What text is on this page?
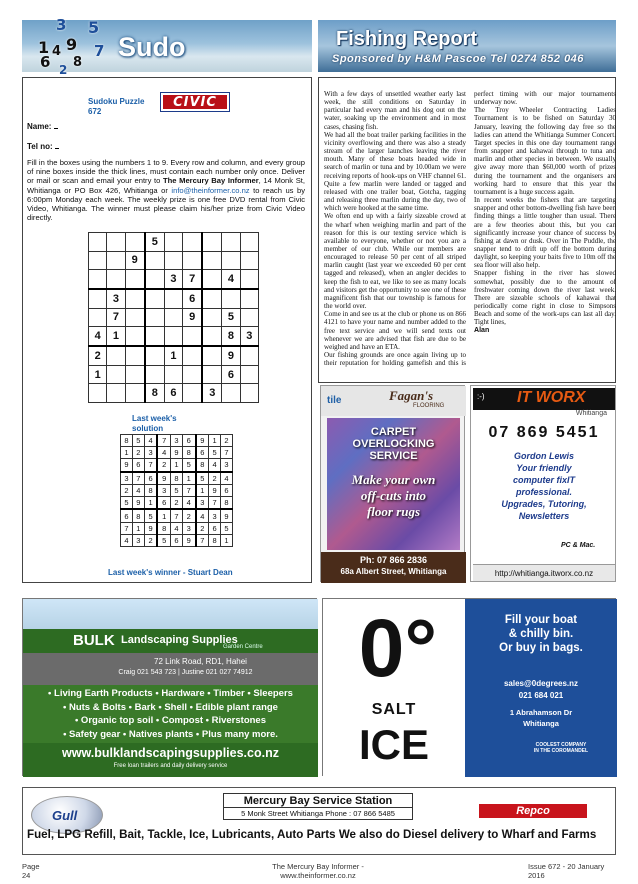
3
1 4 9
5
6
7
2 8
Sudo	Fishing Report
Sponsored by H&M Pascoe Tel 0274 852 046
Sudoku Puzzle 672
CIVIC
Name:
Tel no:
Fill in the boxes using the numbers 1 to 9. Every row and column, and every group of nine boxes inside the thick lines, must contain each number only once. Deliver or mail or scan and email your entry to The Mercury Bay Informer, 14 Monk St, Whitianga or PO Box 426, Whitianga or info@theinformer.co.nz to reach us by 6:00pm Monday each week. The weekly prize is one free DVD rental from Civic Video, Whitianga. The winner must please claim his/her prize from Civic Video directly.
			5					
		9						
				3	7		4	
	3				6			
	7				9		5	
4	1						8	3
2				1			9	
1							6	
			8	6		3		
Last week's solution
8	5	4	7	3	6	9	1	2
1	2	3	4	9	8	6	5	7
9	6	7	2	1	5	8	4	3
3	7	6	9	8	1	5	2	4
2	4	8	3	5	7	1	9	6
5	9	1	6	2	4	3	7	8
6	8	5	1	7	2	4	3	9
7	1	9	8	4	3	2	6	5
4	3	2	5	6	9	7	8	1
Last week's winner - Stuart Dean

With a few days of unsettled weather early last week, the still conditions on Saturday in particular had every man and his dog out on the water, soaking up the environment and in most cases, chasing fish.

We had all the boat trailer parking facilities in the vicinity overflowing and there was also a steady stream of the larger launches leaving the river mouth. Many of these boats headed wide in search of marlin or tuna and by 10.00am we were receiving reports of hook-ups on VHF channel 61. Quite a few marlin were landed or tagged and released with one trailer boat, Gotcha, tagging and releasing three marlin during the day, two of which were hooked at the same time.

We often end up with a fairly sizeable crowd at the wharf when weighing marlin and part of the reason for this is our texting service which is available to everyone, whether or not you are a member of our club. While our members are encouraged to release 50 per cent of all striped marlin caught (last year we exceeded 60 per cent tagged and released), when an angler decides to keep the fish to eat, we like to see as many locals and visitors get the opportunity to see one of these magnificent fish that our township is famous for the world over.

Come in and see us at the club or phone us on 866 4121 to have your name and number added to the free text service and we will send texts out whenever we are advised that fish are due to be weighed and have an ETA.

Our fishing grounds are once again living up to their reputation for holding gamefish and this is perfect timing with our major tournaments underway now.

The Troy Wheeler Contracting Ladies Tournament is to be fished on Saturday 30 January, leaving the following day free so the ladies can attend the Whitianga Summer Concert. Target species in this one day tournament range from snapper and kahawai through to tuna and marlin and other species in between. We usually give away more than $60,000 worth of prizes during the tournament and the organisers are working hard to ensure that this year the tournament is a huge success again.

In recent weeks the fishers that are targeting snapper and other bottom-dwelling fish have been finding things a little tougher than usual. There are a few theories about this, but you can significantly increase your chance of success by fishing at dawn or dusk. Over in The Puddle, the snapper tend to drift up off the bottom during daylight, so keeping your baits five to 10m off the sea floor will also help.

Snapper fishing in the river has slowed somewhat, possibly due to the amount of freshwater coming down the river last week. There are sizeable schools of kahawai that periodically come right in close to Simpsons Beach and some of the work-ups can last all day. Tight lines,

Alan

tile	Fagan's
FLOORING
CARPET
OVERLOCKING
SERVICE
Make your own
off-cuts into
floor rugs
Ph: 07 866 2836
68a Albert Street, Whitianga
:-) IT WORX
Whitianga
07 869 5451
Gordon Lewis
Your friendly
computer fixIT
professional.
Upgrades, Tutoring,
Newsletters
PC & Mac.
http://whitianga.itworx.co.nz
BULK Landscaping Supplies
Garden Centre
72 Link Road, RD1, Hahei
Craig 021 543 723 | Justine 021 027 74912
• Living Earth Products • Hardware • Timber • Sleepers
• Nuts & Bolts • Bark • Shell • Edible plant range
• Organic top soil • Compost • Riverstones
• Safety gear • Natives plants • Plus many more.
www.bulklandscapingsupplies.co.nz
Free loan trailers and daily delivery service
0°
SALT
ICE
Fill your boat
& chilly bin.
Or buy in bags.
sales@0degrees.nz
021 684 021
1 Abrahamson Dr
Whitianga
COOLEST COMPANY
IN THE COROMANDEL
Gull
Mercury Bay Service Station
5 Monk Street Whitianga Phone : 07 866 5485	Repco
Fuel, LPG Refill, Bait, Tackle, Ice, Lubricants, Auto Parts We also do Diesel delivery to Wharf and Farms
Page
24
The Mercury Bay Informer -
www.theinformer.co.nz
Issue 672 - 20 January
2016
